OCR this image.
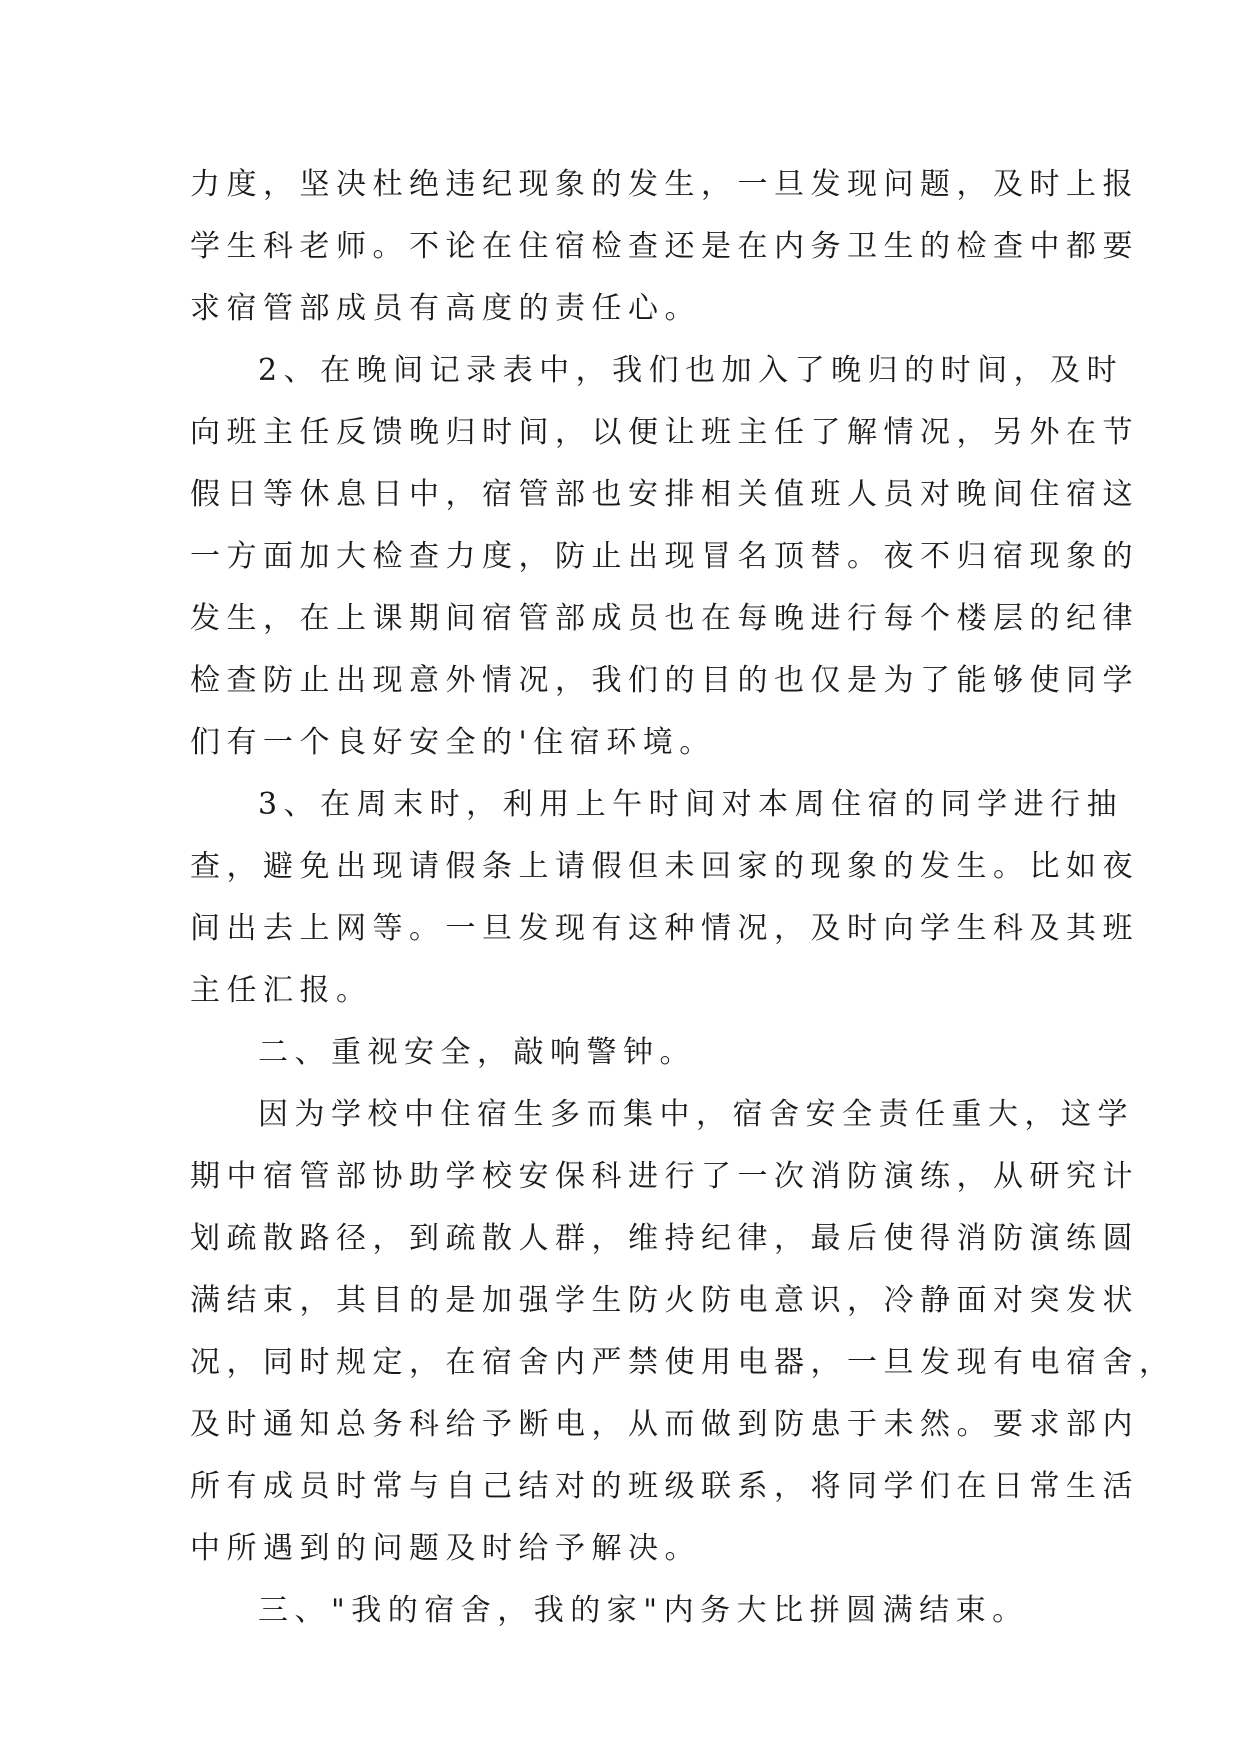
力度，坚决杜绝违纪现象的发生，一旦发现问题，及时上报
学生科老师。不论在住宿检查还是在内务卫生的检查中都要
求宿管部成员有高度的责任心。
2、在晚间记录表中，我们也加入了晚归的时间，及时
向班主任反馈晚归时间，以便让班主任了解情况，另外在节
假日等休息日中，宿管部也安排相关值班人员对晚间住宿这
一方面加大检查力度，防止出现冒名顶替。夜不归宿现象的
发生，在上课期间宿管部成员也在每晚进行每个楼层的纪律
检查防止出现意外情况，我们的目的也仅是为了能够使同学
们有一个良好安全的'住宿环境。
3、在周末时，利用上午时间对本周住宿的同学进行抽
查，避免出现请假条上请假但未回家的现象的发生。比如夜
间出去上网等。一旦发现有这种情况，及时向学生科及其班
主任汇报。
二、重视安全，敲响警钟。
因为学校中住宿生多而集中，宿舍安全责任重大，这学
期中宿管部协助学校安保科进行了一次消防演练，从研究计
划疏散路径，到疏散人群，维持纪律，最后使得消防演练圆
满结束，其目的是加强学生防火防电意识，冷静面对突发状
况，同时规定，在宿舍内严禁使用电器，一旦发现有电宿舍，
及时通知总务科给予断电，从而做到防患于未然。要求部内
所有成员时常与自己结对的班级联系，将同学们在日常生活
中所遇到的问题及时给予解决。
三、"我的宿舍，我的家"内务大比拼圆满结束。
